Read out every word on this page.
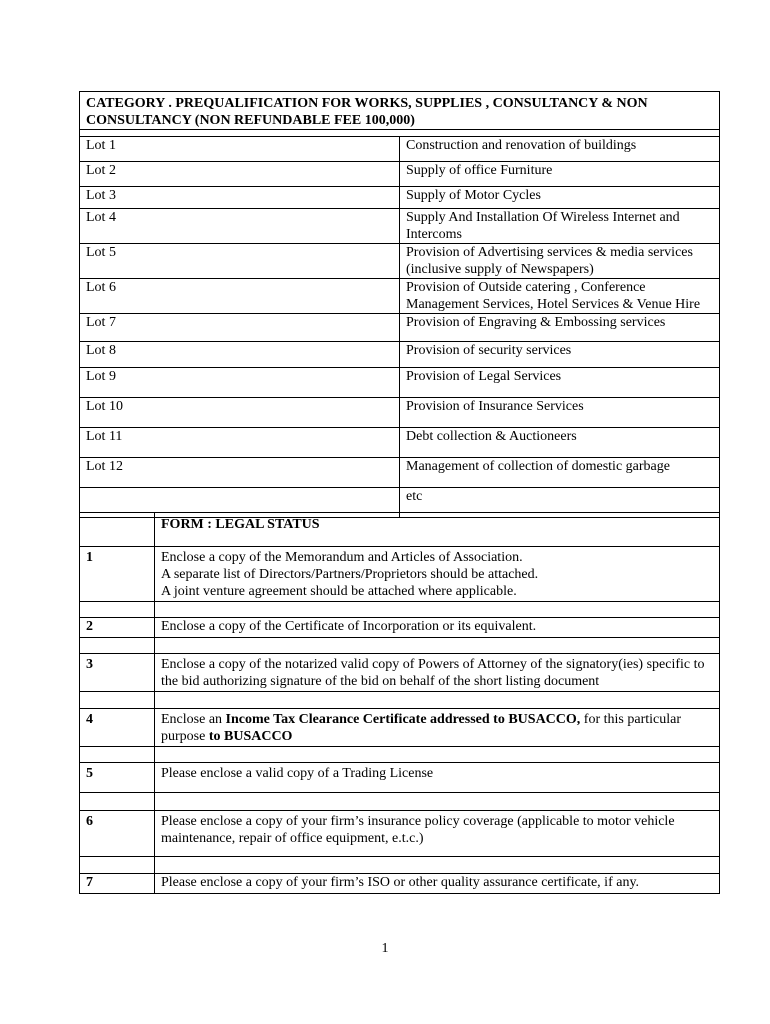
CATEGORY . PREQUALIFICATION FOR WORKS, SUPPLIES , CONSULTANCY & NON CONSULTANCY (NON REFUNDABLE FEE 100,000)	

Lot 1	Construction and renovation of buildings
Lot 2	Supply of office Furniture
Lot 3	Supply of Motor Cycles
Lot 4	Supply And Installation Of Wireless Internet and Intercoms
Lot 5	Provision of Advertising services & media services (inclusive supply of Newspapers)
Lot 6	Provision of Outside catering , Conference Management Services, Hotel Services & Venue Hire
Lot 7	Provision of Engraving & Embossing services
Lot 8	Provision of security services
Lot 9	Provision of Legal Services
Lot 10	Provision of Insurance Services
Lot 11	Debt collection & Auctioneers
Lot 12	Management of collection of domestic garbage
	etc
	FORM : LEGAL STATUS
1	Enclose a copy of the Memorandum and Articles of Association.
A separate list of Directors/Partners/Proprietors should be attached.
A joint venture agreement should be attached where applicable.

2	Enclose a copy of the Certificate of Incorporation or its equivalent.

3	Enclose a copy of the notarized valid copy of Powers of Attorney of the signatory(ies) specific to the bid authorizing signature of the bid on behalf of the short listing document

4	Enclose an Income Tax Clearance Certificate addressed to BUSACCO, for this particular purpose to BUSACCO

5	Please enclose a valid copy of a Trading License

6	Please enclose a copy of your firm’s insurance policy coverage (applicable to motor vehicle maintenance, repair of office equipment, e.t.c.)

7	Please enclose a copy of your firm’s ISO or other quality assurance certificate, if any.
1
